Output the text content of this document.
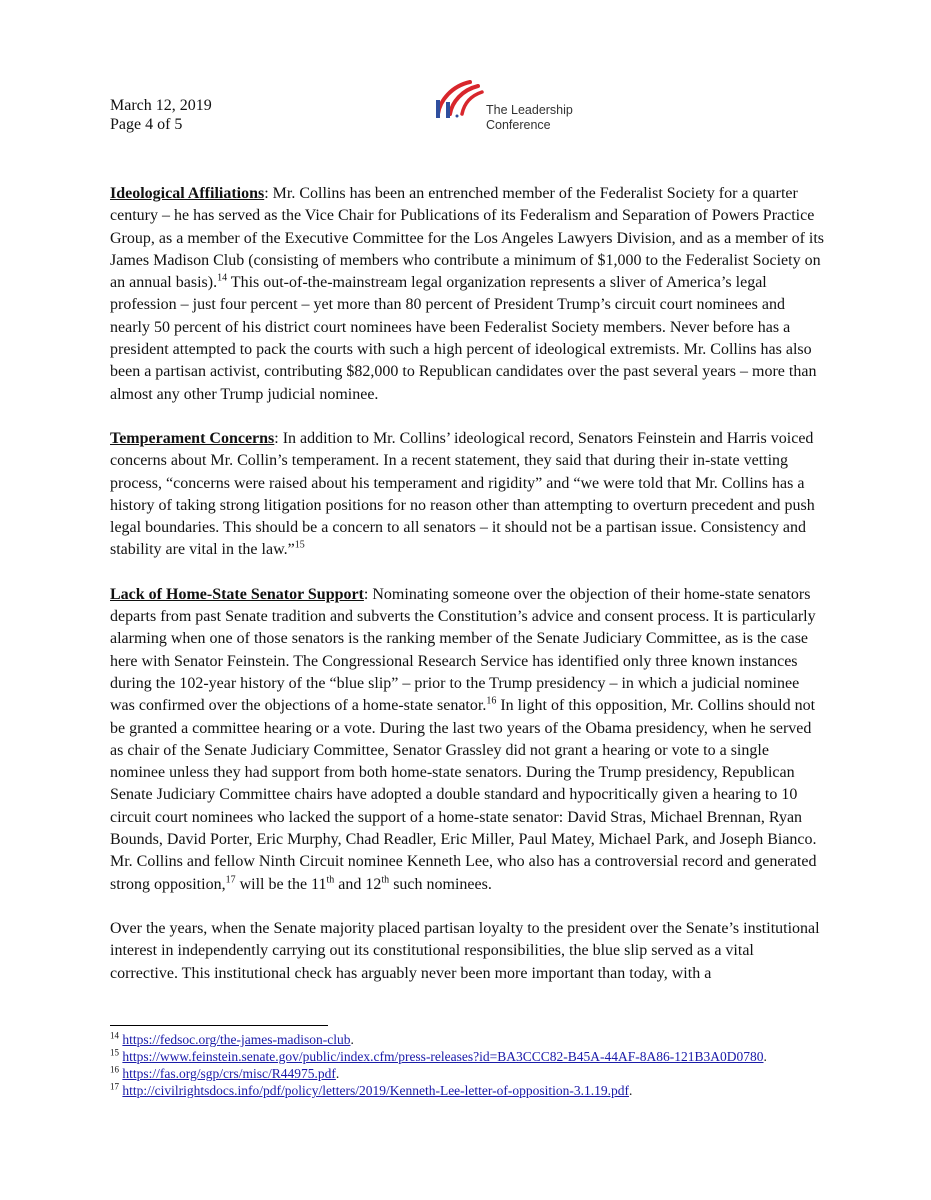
March 12, 2019
Page 4 of 5
The Leadership
Conference

Ideological Affiliations: Mr. Collins has been an entrenched member of the Federalist Society for a quarter century – he has served as the Vice Chair for Publications of its Federalism and Separation of Powers Practice Group, as a member of the Executive Committee for the Los Angeles Lawyers Division, and as a member of its James Madison Club (consisting of members who contribute a minimum of $1,000 to the Federalist Society on an annual basis).$^{14}$ This out-of-the-mainstream legal organization represents a sliver of America’s legal profession – just four percent – yet more than 80 percent of President Trump’s circuit court nominees and nearly 50 percent of his district court nominees have been Federalist Society members. Never before has a president attempted to pack the courts with such a high percent of ideological extremists. Mr. Collins has also been a partisan activist, contributing $82,000 to Republican candidates over the past several years – more than almost any other Trump judicial nominee.

Temperament Concerns: In addition to Mr. Collins’ ideological record, Senators Feinstein and Harris voiced concerns about Mr. Collin’s temperament. In a recent statement, they said that during their in-state vetting process, “concerns were raised about his temperament and rigidity” and “we were told that Mr. Collins has a history of taking strong litigation positions for no reason other than attempting to overturn precedent and push legal boundaries. This should be a concern to all senators – it should not be a partisan issue. Consistency and stability are vital in the law.”$^{15}$

Lack of Home-State Senator Support: Nominating someone over the objection of their home-state senators departs from past Senate tradition and subverts the Constitution’s advice and consent process. It is particularly alarming when one of those senators is the ranking member of the Senate Judiciary Committee, as is the case here with Senator Feinstein. The Congressional Research Service has identified only three known instances during the 102-year history of the “blue slip” – prior to the Trump presidency – in which a judicial nominee was confirmed over the objections of a home-state senator.$^{16}$ In light of this opposition, Mr. Collins should not be granted a committee hearing or a vote. During the last two years of the Obama presidency, when he served as chair of the Senate Judiciary Committee, Senator Grassley did not grant a hearing or vote to a single nominee unless they had support from both home-state senators. During the Trump presidency, Republican Senate Judiciary Committee chairs have adopted a double standard and hypocritically given a hearing to 10 circuit court nominees who lacked the support of a home-state senator: David Stras, Michael Brennan, Ryan Bounds, David Porter, Eric Murphy, Chad Readler, Eric Miller, Paul Matey, Michael Park, and Joseph Bianco. Mr. Collins and fellow Ninth Circuit nominee Kenneth Lee, who also has a controversial record and generated strong opposition,$^{17}$ will be the 11th and 12th such nominees.

Over the years, when the Senate majority placed partisan loyalty to the president over the Senate’s institutional interest in independently carrying out its constitutional responsibilities, the blue slip served as a vital corrective. This institutional check has arguably never been more important than today, with a

$^{14}$ https://fedsoc.org/the-james-madison-club.

$^{15}$ https://www.feinstein.senate.gov/public/index.cfm/press-releases?id=BA3CCC82-B45A-44AF-8A86-121B3A0D0780.

$^{16}$ https://fas.org/sgp/crs/misc/R44975.pdf.

$^{17}$ http://civilrightsdocs.info/pdf/policy/letters/2019/Kenneth-Lee-letter-of-opposition-3.1.19.pdf.
